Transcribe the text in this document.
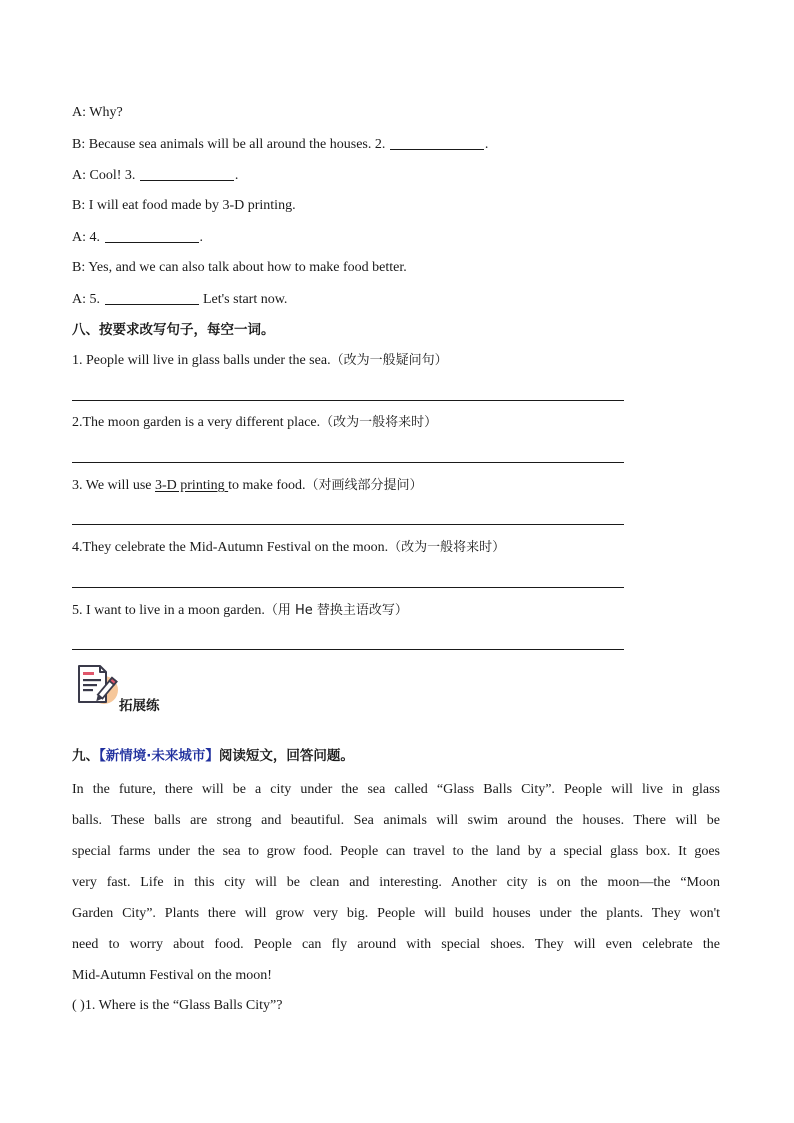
A: Why?
B: Because sea animals will be all around the houses. 2.	.
A: Cool! 3.	.
B: I will eat food made by 3-D printing.
A: 4.	.
B: Yes, and we can also talk about how to make food better.
A: 5.	Let's start now.
八、按要求改写句子，每空一词。
1. People will live in glass balls under the sea.（改为一般疑问句）
2.The moon garden is a very different place.（改为一般将来时）
3. We will use 3-D printing to make food.（对画线部分提问）
4.They celebrate the Mid-Autumn Festival on the moon.（改为一般将来时）
5. I want to live in a moon garden.（用 He 替换主语改写）
拓展练
九、【新情境·未来城市】阅读短文，回答问题。
In the future, there will be a city under the sea called “Glass Balls City”. People will live in glass
balls. These balls are strong and beautiful. Sea animals will swim around the houses. There will be
special farms under the sea to grow food. People can travel to the land by a special glass box. It goes
very fast. Life in this city will be clean and interesting. Another city is on the moon—the “Moon
Garden City”. Plants there will grow very big. People will build houses under the plants. They won't
need to worry about food. People can fly around with special shoes. They will even celebrate the
Mid-Autumn Festival on the moon!
( )1. Where is the “Glass Balls City”?
